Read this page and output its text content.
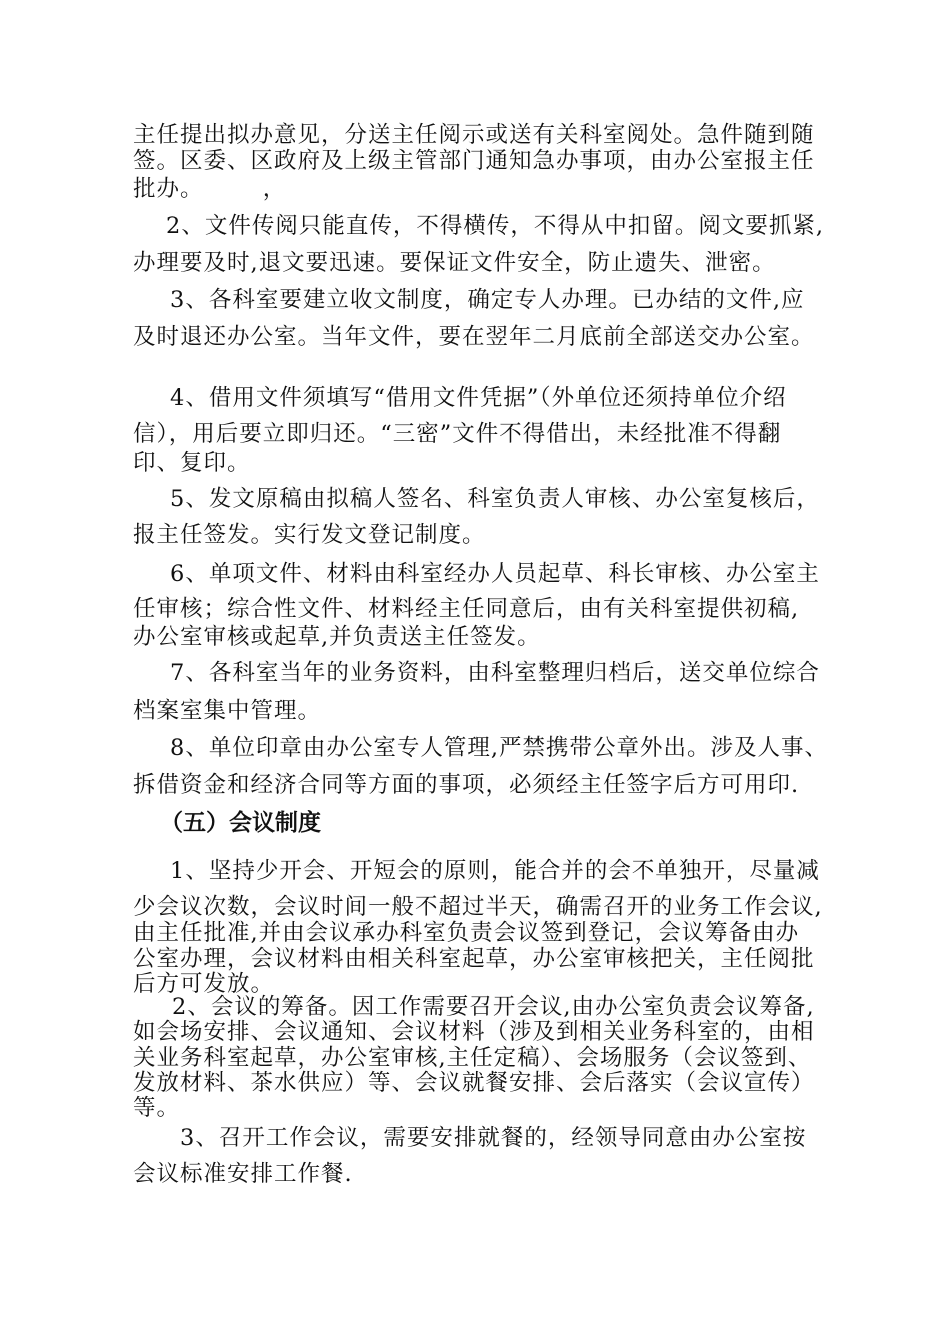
主任提出拟办意见，分送主任阅示或送有关科室阅处。急件随到随
签。区委、区政府及上级主管部门通知急办事项，由办公室报主任
批办。　　　，
2、文件传阅只能直传，不得横传，不得从中扣留。阅文要抓紧,
办理要及时,退文要迅速。要保证文件安全，防止遗失、泄密。
3、各科室要建立收文制度，确定专人办理。已办结的文件,应
及时退还办公室。当年文件，要在翌年二月底前全部送交办公室。
4、借用文件须填写“借用文件凭据”（外单位还须持单位介绍
信），用后要立即归还。“三密”文件不得借出，未经批准不得翻
印、复印。
5、发文原稿由拟稿人签名、科室负责人审核、办公室复核后，
报主任签发。实行发文登记制度。
6、单项文件、材料由科室经办人员起草、科长审核、办公室主
任审核；综合性文件、材料经主任同意后，由有关科室提供初稿,
办公室审核或起草,并负责送主任签发。
7、各科室当年的业务资料，由科室整理归档后，送交单位综合
档案室集中管理。
8、单位印章由办公室专人管理,严禁携带公章外出。涉及人事、
拆借资金和经济合同等方面的事项，必须经主任签字后方可用印.
（五）会议制度
1、坚持少开会、开短会的原则，能合并的会不单独开，尽量减
少会议次数，会议时间一般不超过半天，确需召开的业务工作会议,
由主任批准,并由会议承办科室负责会议签到登记，会议筹备由办
公室办理，会议材料由相关科室起草，办公室审核把关，主任阅批
后方可发放。
2、会议的筹备。因工作需要召开会议,由办公室负责会议筹备,
如会场安排、会议通知、会议材料（涉及到相关业务科室的，由相
关业务科室起草，办公室审核,主任定稿）、会场服务（会议签到、
发放材料、茶水供应）等、会议就餐安排、会后落实（会议宣传）
等。
3、召开工作会议，需要安排就餐的，经领导同意由办公室按
会议标准安排工作餐.
